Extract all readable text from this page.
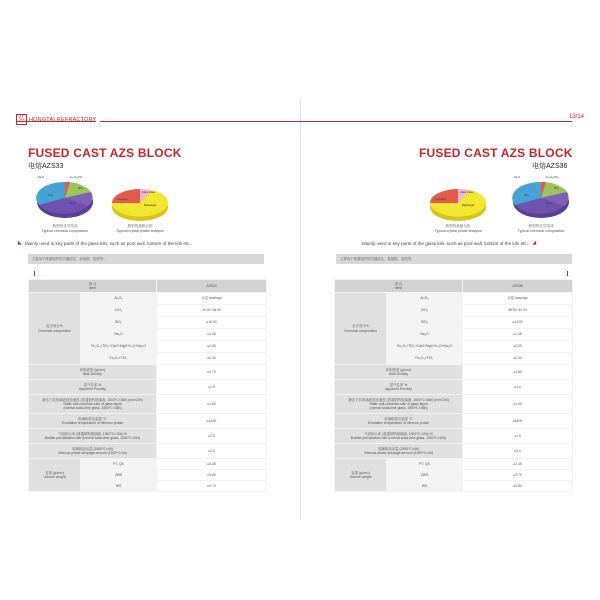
弘 HONGTAI REFRACTORY	13/14
FUSED CAST AZS BLOCK
电熔AZS33
ZrO₂
Al₂O₃
SiO₂
Na₂O	Fe₂O₃+TiO₂
典型的化学组成
Typical chemical composition
Corundum
Baddeleyite
Glass phase
典型的晶相分析
Typical crystal phase analysis
◣ Mainly used in key parts of the glass kiln, such as pool wall, bottom of the kiln etc..
主要用于玻璃窑炉的关键部位，如池壁、窑底等。
项 目
Item		AZS33

化学成分%
Chemical composition	Al₂O₃	余量 leavings
	ZrO₂	32.00~36.00
	SiO₂	≤16.00
	Na₂O	≤1.45
	Fe₂O₃+TiO₂+CaO+MgO+K₂O+Na₂O	≤2.00
	Fe₂O₃+TiO₂	≤0.30

体积密度 (g/cm³)
Bulk Density		≥3.70

显气孔率 %
Apparent Porosity		≤1.5

静态下抗玻璃液侵蚀速度 (普通钠钙玻璃液, 1500℃×36h) (mm/24h)
Static anti-corrosion rate of glass liquid
(normal soda-lime glass, 1500℃×36h)		≤1.60

玻璃相析出温度 ℃
Exudation temperature of vitreous phase		≥1400

气泡析出率 (普通钠钙玻璃液, 1300℃×10h) %
Bubble precipitation rate (normal soda-lime glass, 1300℃×10h)		≤2.0

玻璃相渗出量 (1500℃×4h)
Vitreous phase seepage amount (1500℃×4h)		≤2.0

容重 (g/cm³)
Volume weight	PT, QX	≥3.45
	ZWS	≥3.60
	WS	≥3.70
FUSED CAST AZS BLOCK
电熔AZS36
Corundum
Baddeleyite
Glass phase
典型的晶相分析
Typical crystal phase analysis
ZrO₂
Al₂O₃
SiO₂
Na₂O	Fe₂O₃+TiO₂
典型的化学组成
Typical chemical composition
Mainly used in key parts of the glass kiln, such as pool wall, bottom of the kiln etc.. ◢
主要用于玻璃窑炉的关键部位，如池壁、窑底等。
项 目
Item		AZS36

化学成分%
Chemical composition	Al₂O₃	余量 leavings
	ZrO₂	35.00~40.00
	SiO₂	≤14.00
	Na₂O	≤1.45
	Fe₂O₃+TiO₂+CaO+MgO+K₂O+Na₂O	≤2.00
	Fe₂O₃+TiO₂	≤0.30

体积密度 (g/cm³)
Bulk Density		≥3.80

显气孔率 %
Apparent Porosity		≤1.0

静态下抗玻璃液侵蚀速度 (普通钠钙玻璃液, 1500℃×36h) (mm/24h)
Static anti-corrosion rate of glass liquid
(normal soda-lime glass, 1500℃×36h)		≤1.50

玻璃相析出温度 ℃
Exudation temperature of vitreous phase		≥1400

气泡析出率 (普通钠钙玻璃液, 1300℃×10h) %
Bubble precipitation rate (normal soda-lime glass, 1300℃×10h)		≤1.5

玻璃相渗出量 (1500℃×4h)
Vitreous phase seepage amount (1500℃×4h)		≤3.0

容重 (g/cm³)
Volume weight	PT, QX	≥3.45
	ZWS	≥3.70
	WS	≥3.80
